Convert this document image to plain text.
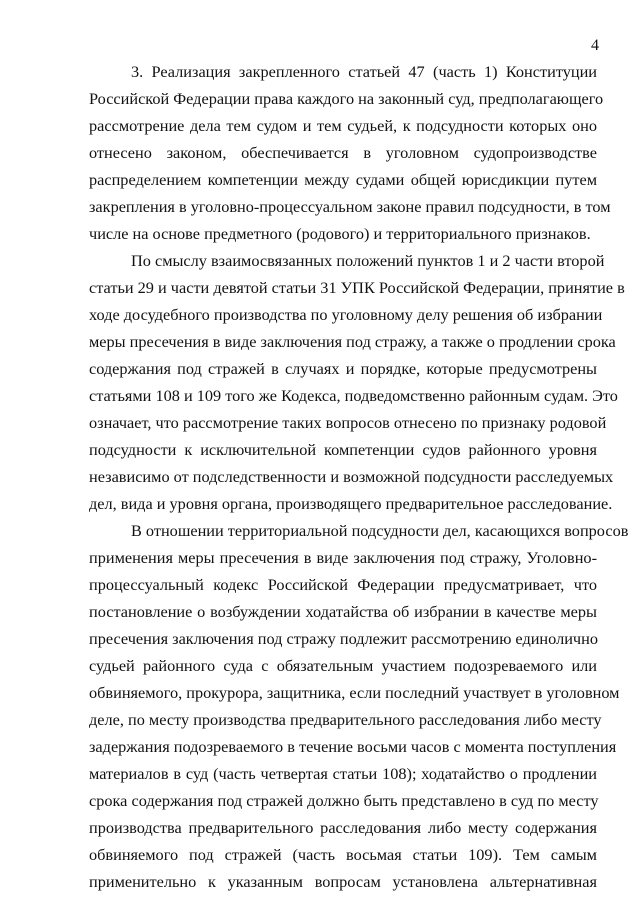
4
3. Реализация закрепленного статьей 47 (часть 1) Конституции
Российской Федерации права каждого на законный суд, предполагающего
рассмотрение дела тем судом и тем судьей, к подсудности которых оно
отнесено законом, обеспечивается в уголовном судопроизводстве
распределением компетенции между судами общей юрисдикции путем
закрепления в уголовно-процессуальном законе правил подсудности, в том
числе на основе предметного (родового) и территориального признаков.
По смыслу взаимосвязанных положений пунктов 1 и 2 части второй
статьи 29 и части девятой статьи 31 УПК Российской Федерации, принятие в
ходе досудебного производства по уголовному делу решения об избрании
меры пресечения в виде заключения под стражу, а также о продлении срока
содержания под стражей в случаях и порядке, которые предусмотрены
статьями 108 и 109 того же Кодекса, подведомственно районным судам. Это
означает, что рассмотрение таких вопросов отнесено по признаку родовой
подсудности к исключительной компетенции судов районного уровня
независимо от подследственности и возможной подсудности расследуемых
дел, вида и уровня органа, производящего предварительное расследование.
В отношении территориальной подсудности дел, касающихся вопросов
применения меры пресечения в виде заключения под стражу, Уголовно-
процессуальный кодекс Российской Федерации предусматривает, что
постановление о возбуждении ходатайства об избрании в качестве меры
пресечения заключения под стражу подлежит рассмотрению единолично
судьей районного суда с обязательным участием подозреваемого или
обвиняемого, прокурора, защитника, если последний участвует в уголовном
деле, по месту производства предварительного расследования либо месту
задержания подозреваемого в течение восьми часов с момента поступления
материалов в суд (часть четвертая статьи 108); ходатайство о продлении
срока содержания под стражей должно быть представлено в суд по месту
производства предварительного расследования либо месту содержания
обвиняемого под стражей (часть восьмая статьи 109). Тем самым
применительно к указанным вопросам установлена альтернативная
